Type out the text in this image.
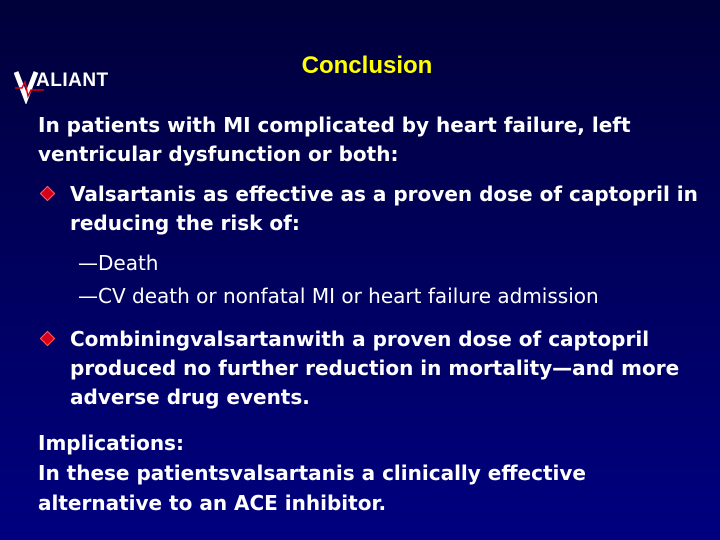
ALIANT
Conclusion
In patients with MI complicated by heart failure, left
ventricular dysfunction or both:
Valsartanis as effective as a proven dose of captopril in
reducing the risk of:
—Death
—CV death or nonfatal MI or heart failure admission
Combiningvalsartanwith a proven dose of captopril
produced no further reduction in mortality—and more
adverse drug events.
Implications:
In these patientsvalsartanis a clinically effective
alternative to an ACE inhibitor.
